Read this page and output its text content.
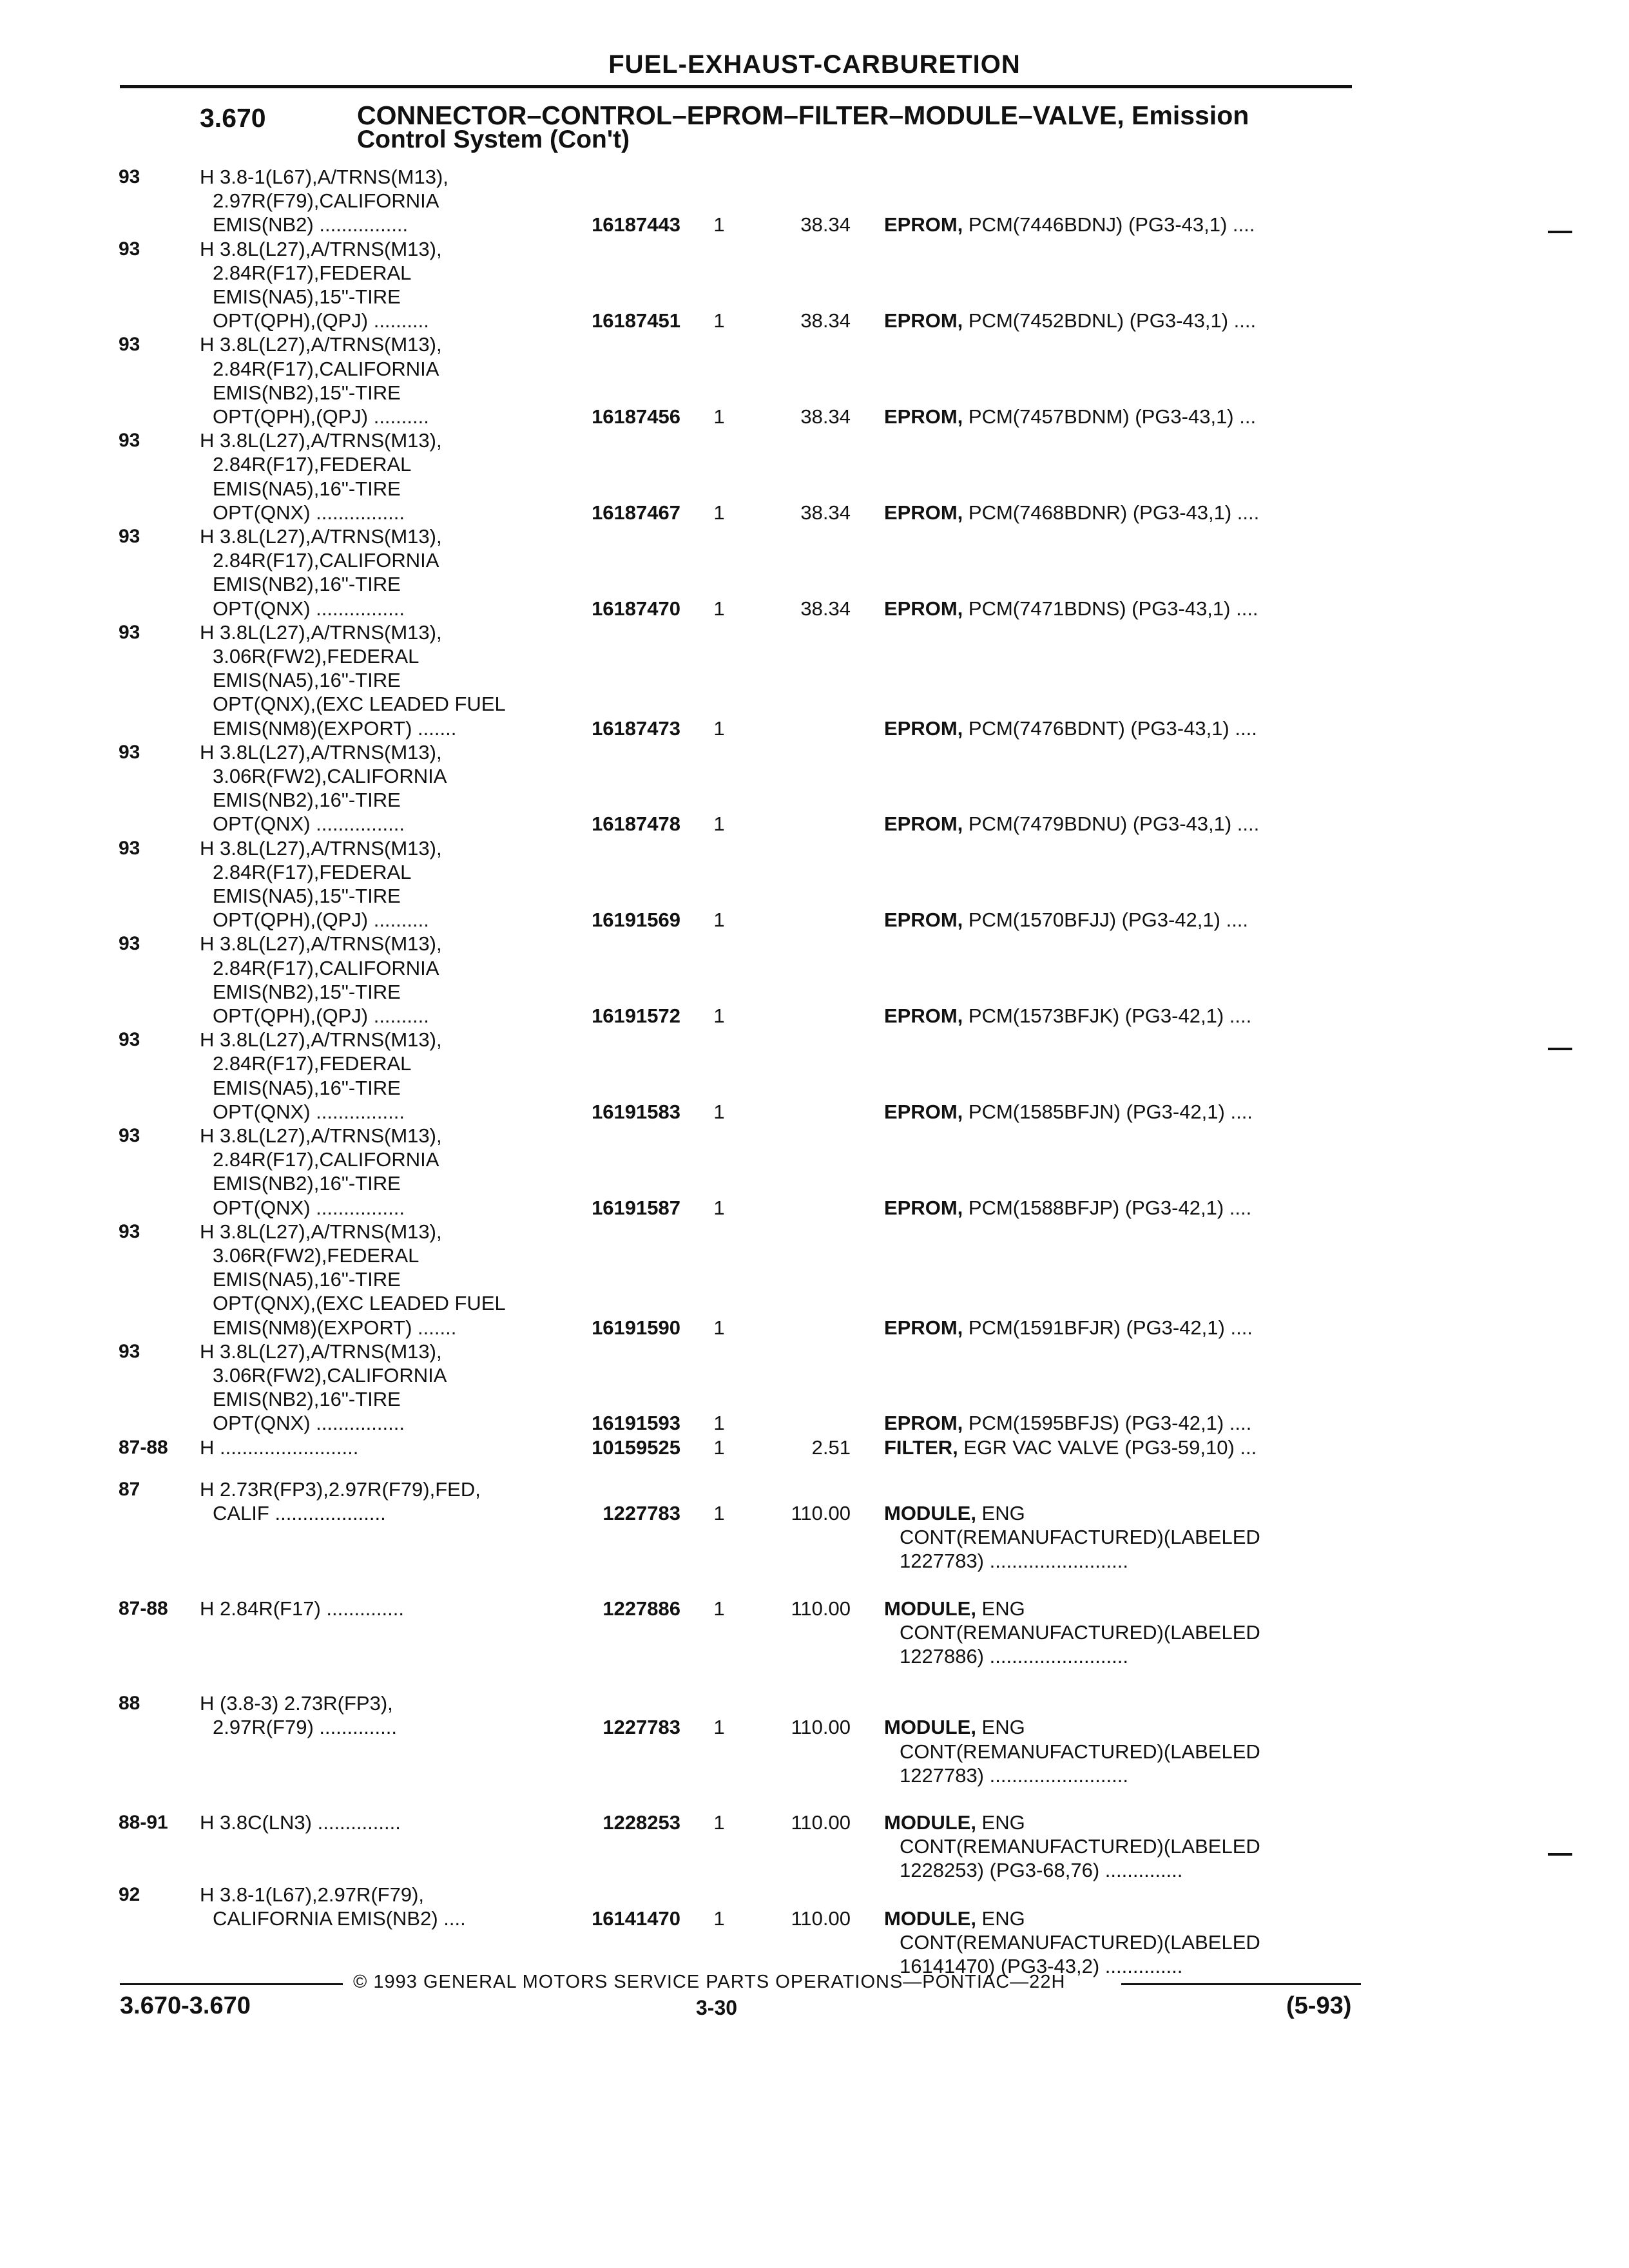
FUEL-EXHAUST-CARBURETION
3.670	CONNECTOR–CONTROL–EPROM–FILTER–MODULE–VALVE, Emission
Control System (Con't)
93	H 3.8-1(L67),A/TRNS(M13),
2.97R(F79),CALIFORNIA
EMIS(NB2) ................	16187443 1	38.34 EPROM, PCM(7446BDNJ) (PG3-43,1) ....
93	H 3.8L(L27),A/TRNS(M13),
2.84R(F17),FEDERAL
EMIS(NA5),15"-TIRE
OPT(QPH),(QPJ) ..........	16187451 1	38.34 EPROM, PCM(7452BDNL) (PG3-43,1) ....
93	H 3.8L(L27),A/TRNS(M13),
2.84R(F17),CALIFORNIA
EMIS(NB2),15"-TIRE
OPT(QPH),(QPJ) ..........	16187456 1	38.34 EPROM, PCM(7457BDNM) (PG3-43,1) ...
93	H 3.8L(L27),A/TRNS(M13),
2.84R(F17),FEDERAL
EMIS(NA5),16"-TIRE
OPT(QNX) ................	16187467 1	38.34 EPROM, PCM(7468BDNR) (PG3-43,1) ....
93	H 3.8L(L27),A/TRNS(M13),
2.84R(F17),CALIFORNIA
EMIS(NB2),16"-TIRE
OPT(QNX) ................	16187470 1	38.34 EPROM, PCM(7471BDNS) (PG3-43,1) ....
93	H 3.8L(L27),A/TRNS(M13),
3.06R(FW2),FEDERAL
EMIS(NA5),16"-TIRE
OPT(QNX),(EXC LEADED FUEL
EMIS(NM8)(EXPORT) .......	16187473 1	EPROM, PCM(7476BDNT) (PG3-43,1) ....
93	H 3.8L(L27),A/TRNS(M13),
3.06R(FW2),CALIFORNIA
EMIS(NB2),16"-TIRE
OPT(QNX) ................	16187478 1	EPROM, PCM(7479BDNU) (PG3-43,1) ....
93	H 3.8L(L27),A/TRNS(M13),
2.84R(F17),FEDERAL
EMIS(NA5),15"-TIRE
OPT(QPH),(QPJ) ..........	16191569 1	EPROM, PCM(1570BFJJ) (PG3-42,1) ....
93	H 3.8L(L27),A/TRNS(M13),
2.84R(F17),CALIFORNIA
EMIS(NB2),15"-TIRE
OPT(QPH),(QPJ) ..........	16191572 1	EPROM, PCM(1573BFJK) (PG3-42,1) ....
93	H 3.8L(L27),A/TRNS(M13),
2.84R(F17),FEDERAL
EMIS(NA5),16"-TIRE
OPT(QNX) ................	16191583 1	EPROM, PCM(1585BFJN) (PG3-42,1) ....
93	H 3.8L(L27),A/TRNS(M13),
2.84R(F17),CALIFORNIA
EMIS(NB2),16"-TIRE
OPT(QNX) ................	16191587 1	EPROM, PCM(1588BFJP) (PG3-42,1) ....
93	H 3.8L(L27),A/TRNS(M13),
3.06R(FW2),FEDERAL
EMIS(NA5),16"-TIRE
OPT(QNX),(EXC LEADED FUEL
EMIS(NM8)(EXPORT) .......	16191590 1	EPROM, PCM(1591BFJR) (PG3-42,1) ....
93	H 3.8L(L27),A/TRNS(M13),
3.06R(FW2),CALIFORNIA
EMIS(NB2),16"-TIRE
OPT(QNX) ................	16191593 1	EPROM, PCM(1595BFJS) (PG3-42,1) ....
87-88 H .........................	10159525 1	2.51 FILTER, EGR VAC VALVE (PG3-59,10) ...
87	H 2.73R(FP3),2.97R(F79),FED,
CALIF ....................	1227783 1	110.00 MODULE, ENG
CONT(REMANUFACTURED)(LABELED
1227783) .........................
87-88 H 2.84R(F17) ..............	1227886 1	110.00 MODULE, ENG
CONT(REMANUFACTURED)(LABELED
1227886) .........................
88	H (3.8-3) 2.73R(FP3),
2.97R(F79) ..............	1227783 1	110.00 MODULE, ENG
CONT(REMANUFACTURED)(LABELED
1227783) .........................
88-91 H 3.8C(LN3) ...............	1228253 1	110.00 MODULE, ENG
CONT(REMANUFACTURED)(LABELED
1228253) (PG3-68,76) ..............
92	H 3.8-1(L67),2.97R(F79),
CALIFORNIA EMIS(NB2) ....	16141470 1	110.00 MODULE, ENG
CONT(REMANUFACTURED)(LABELED
16141470) (PG3-43,2) ..............
© 1993 GENERAL MOTORS SERVICE PARTS OPERATIONS—PONTIAC—22H
3.670-3.670	3-30	(5-93)
